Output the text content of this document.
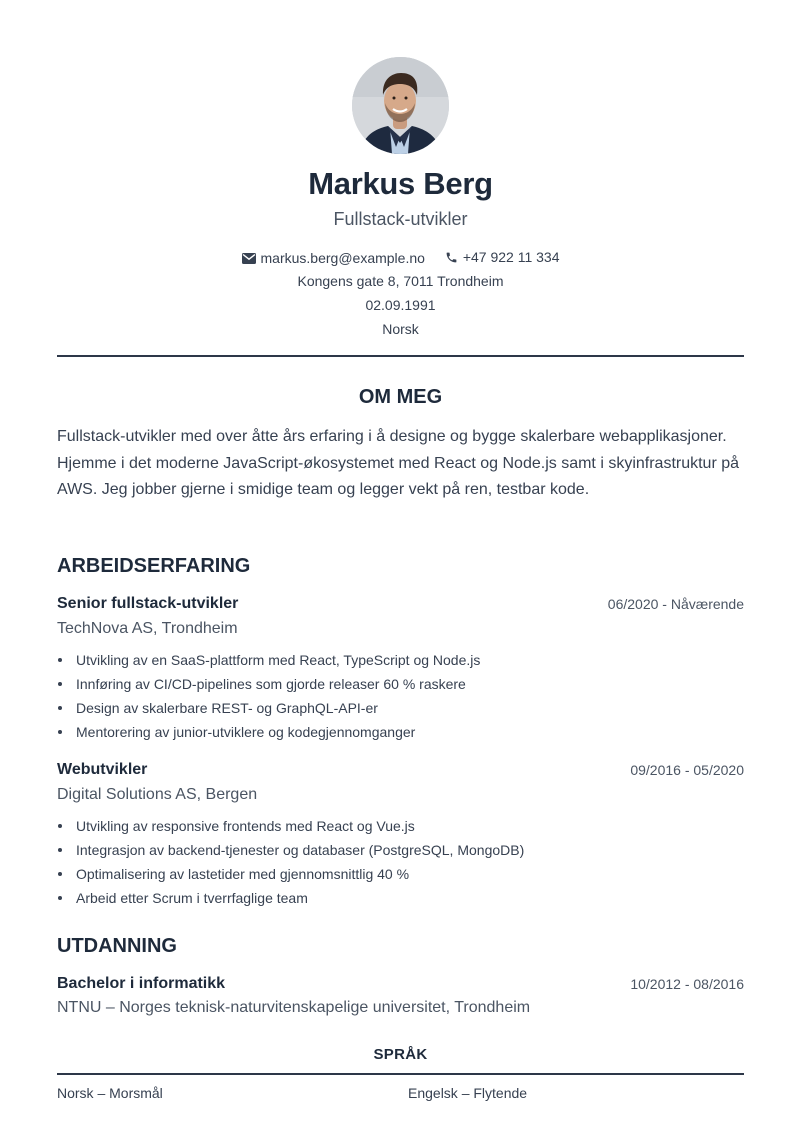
Markus Berg
Fullstack-utvikler
markus.berg@example.no
	+47 922 11 334
Kongens gate 8, 7011 Trondheim
02.09.1991
Norsk
OM MEG
Fullstack-utvikler med over åtte års erfaring i å designe og bygge skalerbare webapplikasjoner. Hjemme i det moderne JavaScript-økosystemet med React og Node.js samt i skyinfrastruktur på AWS. Jeg jobber gjerne i smidige team og legger vekt på ren, testbar kode.
ARBEIDSERFARING
Senior fullstack-utvikler	06/2020 - Nåværende
TechNova AS, Trondheim
Utvikling av en SaaS-plattform med React, TypeScript og Node.js
Innføring av CI/CD-pipelines som gjorde releaser 60 % raskere
Design av skalerbare REST- og GraphQL-API-er
Mentorering av junior-utviklere og kodegjennomganger
Webutvikler	09/2016 - 05/2020
Digital Solutions AS, Bergen
Utvikling av responsive frontends med React og Vue.js
Integrasjon av backend-tjenester og databaser (PostgreSQL, MongoDB)
Optimalisering av lastetider med gjennomsnittlig 40 %
Arbeid etter Scrum i tverrfaglige team
UTDANNING
Bachelor i informatikk	10/2012 - 08/2016
NTNU – Norges teknisk-naturvitenskapelige universitet, Trondheim
SPRÅK
Norsk – Morsmål	Engelsk – Flytende
